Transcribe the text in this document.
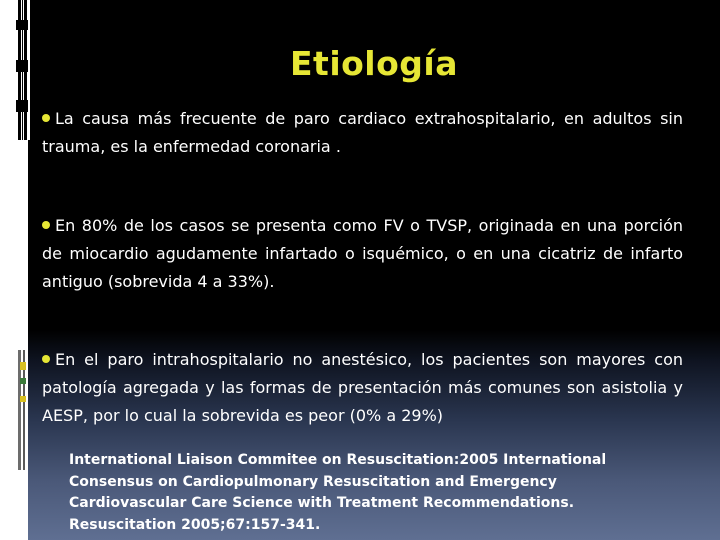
Etiología
La causa más frecuente de paro cardiaco extrahospitalario, en adultos sin trauma, es la enfermedad coronaria .
En 80% de los casos se presenta como FV o TVSP, originada en una porción de miocardio agudamente infartado o isquémico, o en una cicatriz de infarto antiguo (sobrevida 4 a 33%).
En el paro intrahospitalario no anestésico, los pacientes son mayores con patología agregada y las formas de presentación más comunes son asistolia y AESP, por lo cual la sobrevida es peor (0% a 29%)
International Liaison Commitee on Resuscitation:2005 International
Consensus on Cardiopulmonary Resuscitation and Emergency
Cardiovascular Care Science with Treatment Recommendations.
Resuscitation 2005;67:157-341.
